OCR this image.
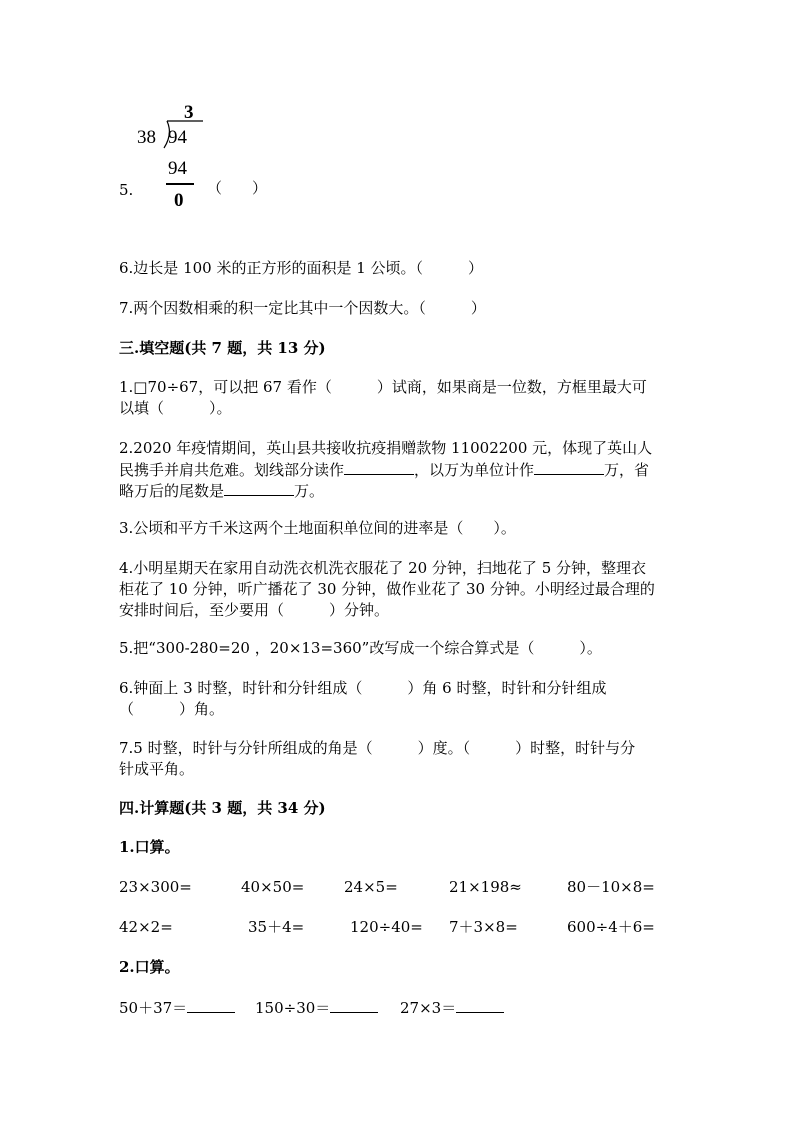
3
38 94
94
0
5.	（　　）
6.边长是 100 米的正方形的面积是 1 公顷。（　　　）
7.两个因数相乘的积一定比其中一个因数大。（　　　）
三.填空题(共 7 题，共 13 分)
1.□70÷67，可以把 67 看作（　　　）试商，如果商是一位数，方框里最大可
以填（　　　）。
2.2020 年疫情期间，英山县共接收抗疫捐赠款物 11002200 元，体现了英山人
民携手并肩共危难。划线部分读作	，以万为单位计作	万，省
略万后的尾数是	万。
3.公顷和平方千米这两个土地面积单位间的进率是（　　）。
4.小明星期天在家用自动洗衣机洗衣服花了 20 分钟，扫地花了 5 分钟，整理衣
柜花了 10 分钟，听广播花了 30 分钟，做作业花了 30 分钟。小明经过最合理的
安排时间后，至少要用（　　　）分钟。
5.把“300-280=20 ，20×13=360”改写成一个综合算式是（　　　）。
6.钟面上 3 时整，时针和分针组成（　　　）角 6 时整，时针和分针组成
（　　　）角。
7.5 时整，时针与分针所组成的角是（　　　）度。（　　　）时整，时针与分
针成平角。
四.计算题(共 3 题，共 34 分)
1.口算。
23×300=	40×50=	24×5=	21×198≈	80－10×8=
42×2=	35＋4=	120÷40= 7＋3×8=	600÷4＋6=
2.口算。
50＋37＝	150÷30＝	27×3＝
